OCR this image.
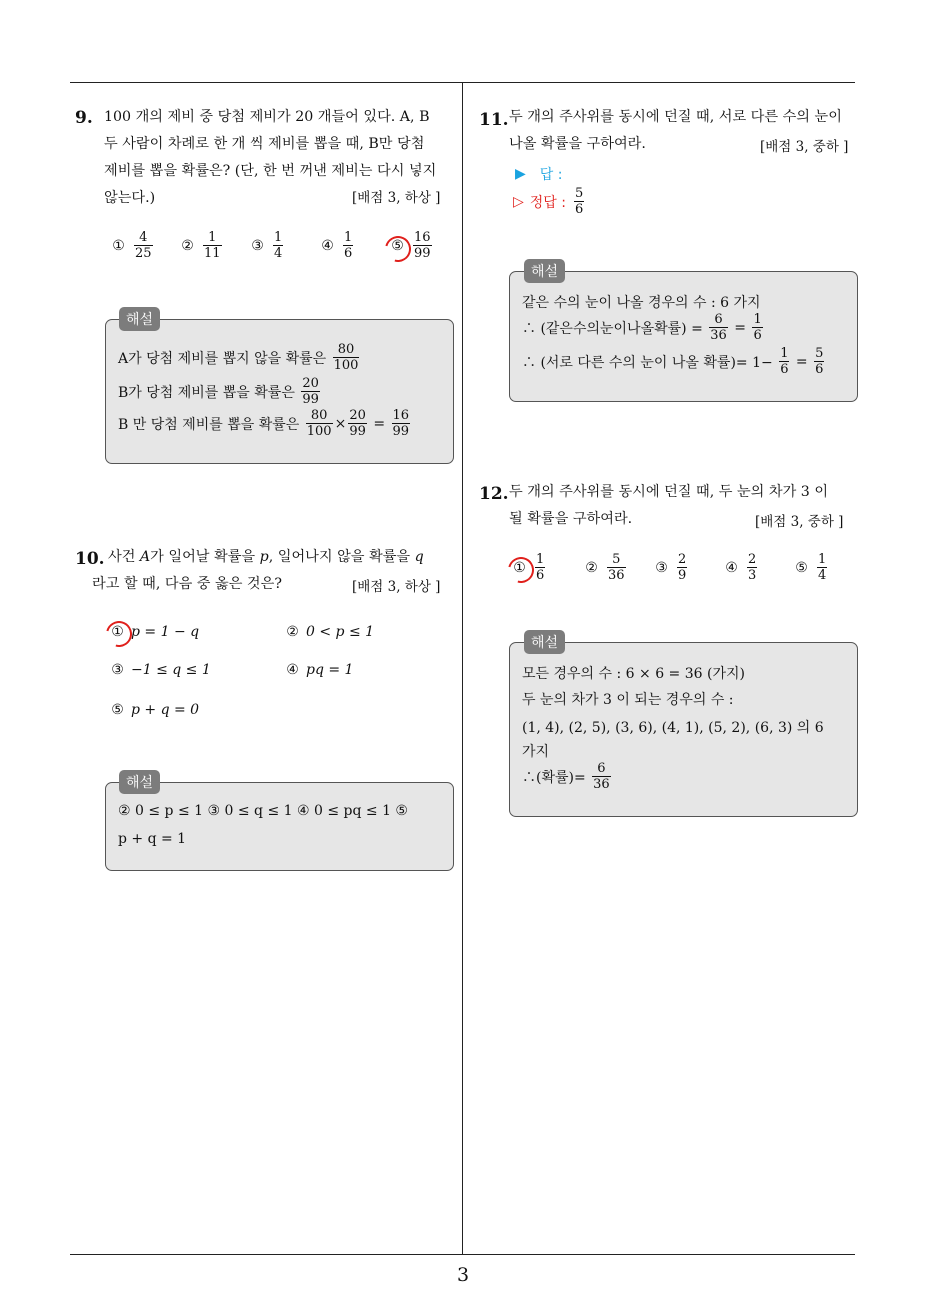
3
9. 100 개의 제비 중 당첨 제비가 20 개들어 있다. A, B
두 사람이 차례로 한 개 씩 제비를 뽑을 때, B만 당첨
제비를 뽑을 확률은? (단, 한 번 꺼낸 제비는 다시 넣지
않는다.)	[배점 3, 하상 ]
① $\frac{4}{25}$ ② $\frac{1}{11}$ ③ $\frac{1}{4}$	④ $\frac{1}{6}$	⑤ $\frac{16}{99}$
A가 당첨 제비를 뽑지 않을 확률은
$\frac{80}{100}$
B가 당첨 제비를 뽑을 확률은
$\frac{20}{99}$
B 만 당첨 제비를 뽑을 확률은
$\frac{80}{100} \times \frac{20}{99}$
=
$\frac{16}{99}$
해설
10. 사건 A가 일어날 확률을 p, 일어나지 않을 확률을 q
라고 할 때, 다음 중 옳은 것은?	[배점 3, 하상 ]
① p = 1 − q	② 0 < p ≤ 1
③ −1 ≤ q ≤ 1	④ pq = 1
⑤ p + q = 0
② 0 ≤ p ≤ 1 ③ 0 ≤ q ≤ 1 ④ 0 ≤ pq ≤ 1 ⑤
p + q = 1
해설
11. 두 개의 주사위를 동시에 던질 때, 서로 다른 수의 눈이
나올 확률을 구하여라.	[배점 3, 중하 ]
▶ 답 :
▷ 정답 : $\frac{5}{6}$
같은 수의 눈이 나올 경우의 수 : 6 가지
∴ (같은수의눈이나올확률) =
$\frac{6}{36}$
=
$\frac{1}{6}$
∴ (서로 다른 수의 눈이 나올 확률)= 1−
$\frac{1}{6}$
=
$\frac{5}{6}$
해설
12. 두 개의 주사위를 동시에 던질 때, 두 눈의 차가 3 이
될 확률을 구하여라.	[배점 3, 중하 ]
① $\frac{1}{6}$	② $\frac{5}{36}$ ③ $\frac{2}{9}$	④ $\frac{2}{3}$	⑤ $\frac{1}{4}$
모든 경우의 수 : 6 × 6 = 36 (가지)
두 눈의 차가 3 이 되는 경우의 수 :
(1, 4), (2, 5), (3, 6), (4, 1), (5, 2), (6, 3) 의 6
가지
∴(확률)=
$\frac{6}{36}$
해설
